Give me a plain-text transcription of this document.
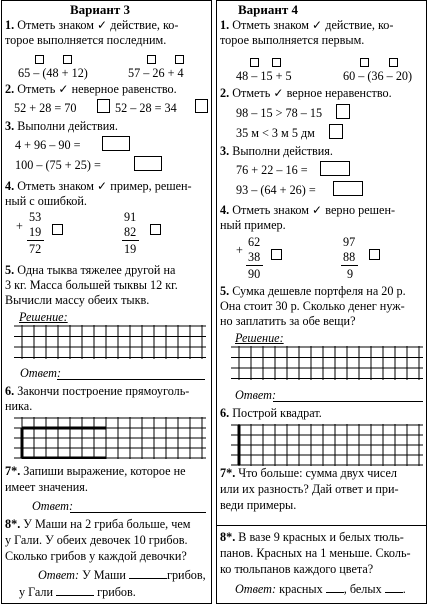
Вариант 3
1. Отметь знаком ✓ действие, ко-
торое выполняется последним.
65 – (48 + 12)	57 – 26 + 4
2. Отметь ✓ неверное равенство.
52 + 28 = 70	52 – 28 = 34
3. Выполни действия.
4 + 96 – 90 =
100 – (75 + 25) =
4. Отметь знаком ✓ пример, решен-
ный с ошибкой.
+
53
19
72
91
82
19
5. Одна тыква тяжелее другой на
3 кг. Масса большей тыквы 12 кг.
Вычисли массу обеих тыкв.
Решение:
Ответ:
6. Закончи построение прямоуголь-
ника.
7*. Запиши выражение, которое не
имеет значения.
Ответ:
8*. У Маши на 2 гриба больше, чем
у Гали. У обеих девочек 10 грибов.
Сколько грибов у каждой девочки?
Ответ: У Маши	грибов,
у Гали	грибов.
Вариант 4
1. Отметь знаком ✓ действие, ко-
торое выполняется первым.
48 – 15 + 5	60 – (36 – 20)
2. Отметь ✓ верное неравенство.
98 – 15 > 78 – 15
35 м < 3 м 5 дм
3. Выполни действия.
76 + 22 – 16 =
93 – (64 + 26) =
4. Отметь знаком ✓ верно решен-
ный пример.
+
62
38
90
97
88
9
5. Сумка дешевле портфеля на 20 р.
Она стоит 30 р. Сколько денег нуж-
но заплатить за обе вещи?
Решение:
Ответ:
6. Построй квадрат.
7*. Что больше: сумма двух чисел
или их разность? Дай ответ и при-
веди примеры.
8*. В вазе 9 красных и белых тюль-
панов. Красных на 1 меньше. Сколь-
ко тюльпанов каждого цвета?
Ответ: красных , белых .
